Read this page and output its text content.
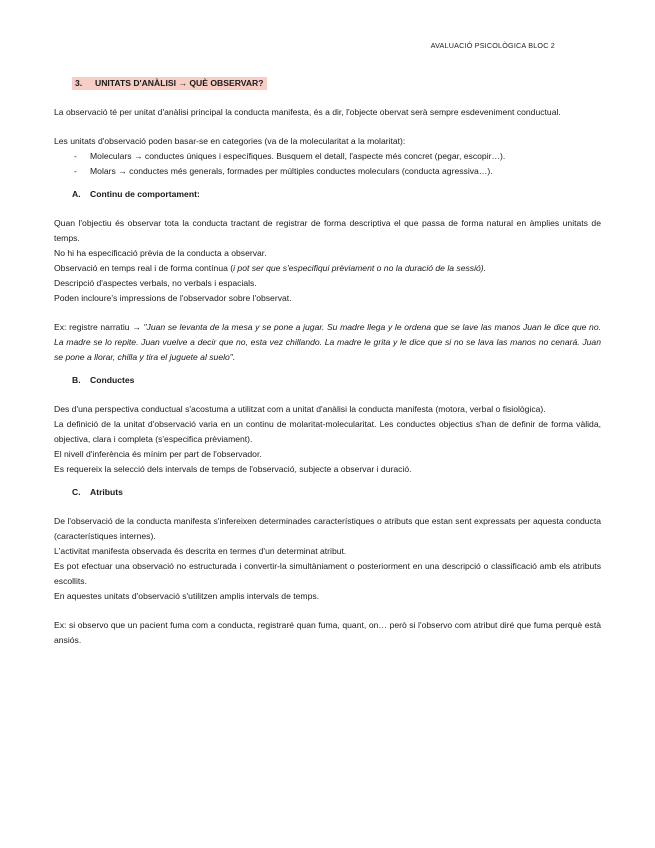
AVALUACIÓ PSICOLÒGICA BLOC 2
3. UNITATS D'ANÀLISI → QUÈ OBSERVAR?

La observació té per unitat d'anàlisi principal la conducta manifesta, és a dir, l'objecte obervat serà sempre esdeveniment conductual.

Les unitats d'observació poden basar-se en categories (va de la molecularitat a la molaritat):

- Moleculars → conductes úniques i específiques. Busquem el detall, l'aspecte més concret (pegar, escopir…).
- Molars → conductes més generals, formades per múltiples conductes moleculars (conducta agressiva…).
A. Continu de comportament:

Quan l'objectiu és observar tota la conducta tractant de registrar de forma descriptiva el que passa de forma natural en àmplies unitats de temps.

No hi ha especificació prèvia de la conducta a observar.

Observació en temps real i de forma contínua (i pot ser que s'especifiqui prèviament o no la duració de la sessió).

Descripció d'aspectes verbals, no verbals i espacials.

Poden incloure's impressions de l'observador sobre l'observat.

Ex: registre narratiu → "Juan se levanta de la mesa y se pone a jugar. Su madre llega y le ordena que se lave las manos Juan le dice que no. La madre se lo repite. Juan vuelve a decir que no, esta vez chillando. La madre le grita y le dice que si no se lava las manos no cenará. Juan se pone a llorar, chilla y tira el juguete al suelo".

B. Conductes

Des d'una perspectiva conductual s'acostuma a utilitzat com a unitat d'anàlisi la conducta manifesta (motora, verbal o fisiològica).

La definició de la unitat d'observació varia en un continu de molaritat-molecularitat. Les conductes objectius s'han de definir de forma vàlida, objectiva, clara i completa (s'especifica prèviament).

El nivell d'inferència és mínim per part de l'observador.

Es requereix la selecció dels intervals de temps de l'observació, subjecte a observar i duració.

C. Atributs

De l'observació de la conducta manifesta s'infereixen determinades característiques o atributs que estan sent expressats per aquesta conducta (característiques internes).

L'activitat manifesta observada és descrita en termes d'un determinat atribut.

Es pot efectuar una observació no estructurada i convertir-la simultàniament o posteriorment en una descripció o classificació amb els atributs escollits.

En aquestes unitats d'observació s'utilitzen amplis intervals de temps.

Ex: si observo que un pacient fuma com a conducta, registraré quan fuma, quant, on… però si l'observo com atribut diré que fuma perquè està ansiós.
